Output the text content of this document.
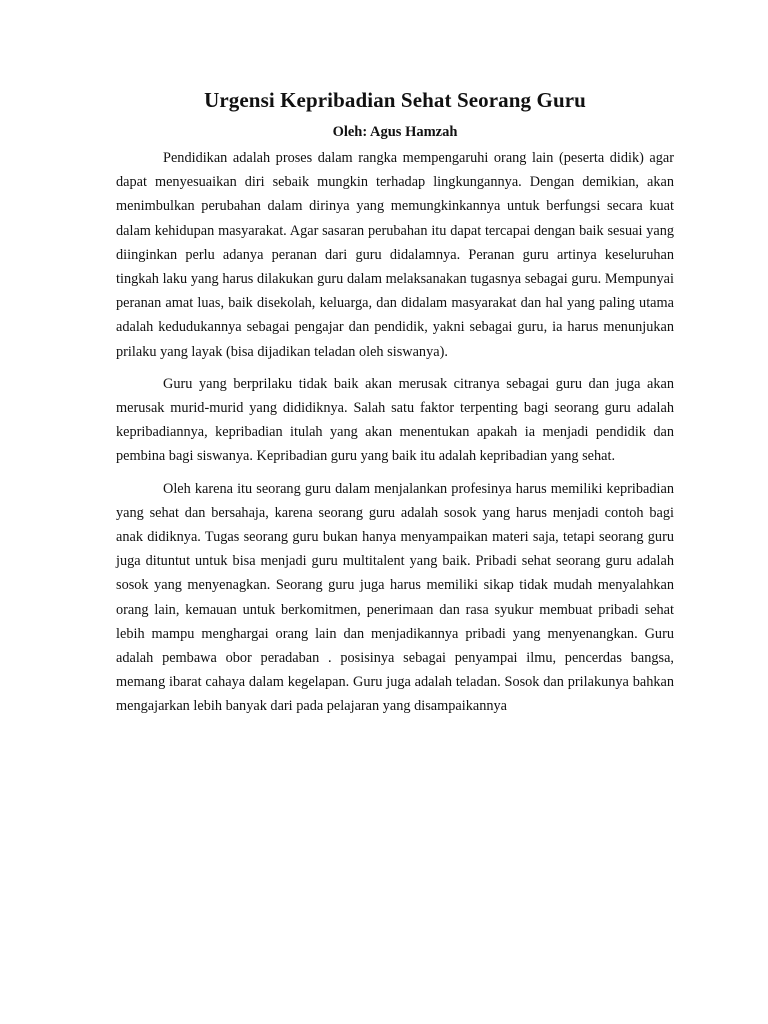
Urgensi Kepribadian Sehat Seorang Guru

Oleh: Agus Hamzah

Pendidikan adalah proses dalam rangka mempengaruhi orang lain (peserta didik) agar dapat menyesuaikan diri sebaik mungkin terhadap lingkungannya. Dengan demikian, akan menimbulkan perubahan dalam dirinya yang memungkinkannya untuk berfungsi secara kuat dalam kehidupan masyarakat. Agar sasaran perubahan itu dapat tercapai dengan baik sesuai yang diinginkan perlu adanya peranan dari guru didalamnya. Peranan guru artinya keseluruhan tingkah laku yang harus dilakukan guru dalam melaksanakan tugasnya sebagai guru. Mempunyai peranan amat luas, baik disekolah, keluarga, dan didalam masyarakat dan hal yang paling utama adalah kedudukannya sebagai pengajar dan pendidik, yakni sebagai guru, ia harus menunjukan prilaku yang layak (bisa dijadikan teladan oleh siswanya).

Guru yang berprilaku tidak baik akan merusak citranya sebagai guru dan juga akan merusak murid-murid yang dididiknya. Salah satu faktor terpenting bagi seorang guru adalah kepribadiannya, kepribadian itulah yang akan menentukan apakah ia menjadi pendidik dan pembina bagi siswanya. Kepribadian guru yang baik itu adalah kepribadian yang sehat.

Oleh karena itu seorang guru dalam menjalankan profesinya harus memiliki kepribadian yang sehat dan bersahaja, karena seorang guru adalah sosok yang harus menjadi contoh bagi anak didiknya. Tugas seorang guru bukan hanya menyampaikan materi saja, tetapi seorang guru juga dituntut untuk bisa menjadi guru multitalent yang baik. Pribadi sehat seorang guru adalah sosok yang menyenagkan. Seorang guru juga harus memiliki sikap tidak mudah menyalahkan orang lain, kemauan untuk berkomitmen, penerimaan dan rasa syukur membuat pribadi sehat lebih mampu menghargai orang lain dan menjadikannya pribadi yang menyenangkan. Guru adalah pembawa obor peradaban . posisinya sebagai penyampai ilmu, pencerdas bangsa, memang ibarat cahaya dalam kegelapan. Guru juga adalah teladan. Sosok dan prilakunya bahkan mengajarkan lebih banyak dari pada pelajaran yang disampaikannya
